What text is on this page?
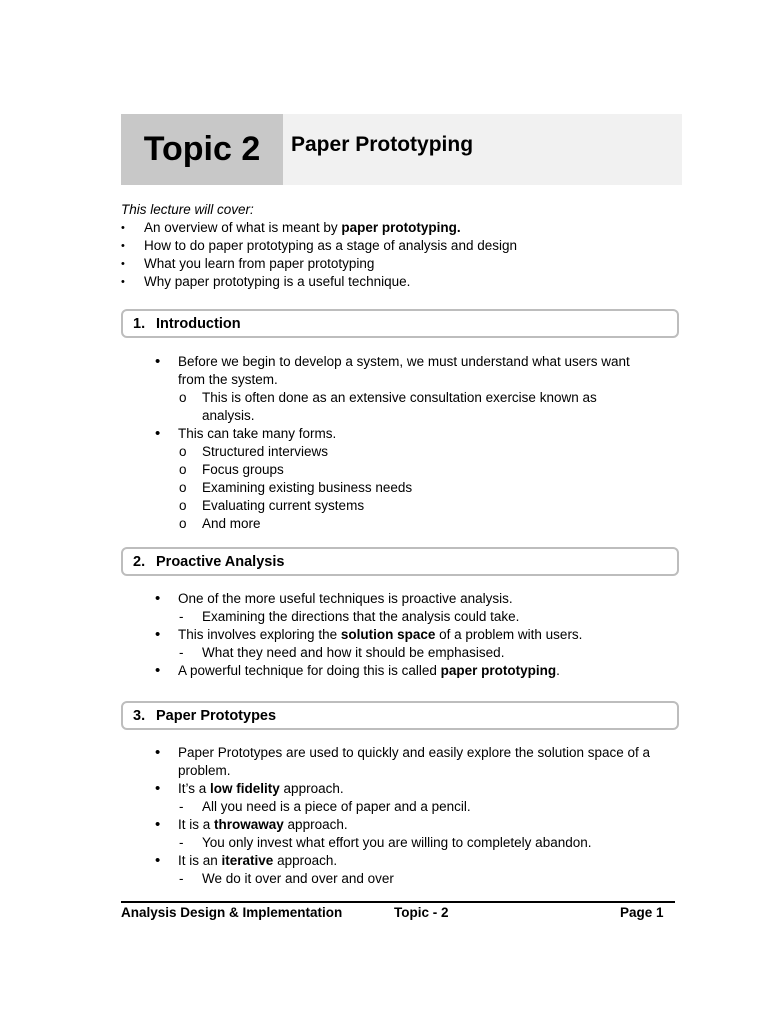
Topic 2	Paper Prototyping
This lecture will cover:
• An overview of what is meant by paper prototyping.
• How to do paper prototyping as a stage of analysis and design
• What you learn from paper prototyping
• Why paper prototyping is a useful technique.
1. Introduction
• Before we begin to develop a system, we must understand what users want
from the system.
o This is often done as an extensive consultation exercise known as
analysis.
• This can take many forms.
o Structured interviews
o Focus groups
o Examining existing business needs
o Evaluating current systems
o And more
2. Proactive Analysis
• One of the more useful techniques is proactive analysis.
- Examining the directions that the analysis could take.
• This involves exploring the solution space of a problem with users.
- What they need and how it should be emphasised.
• A powerful technique for doing this is called paper prototyping.
3. Paper Prototypes
• Paper Prototypes are used to quickly and easily explore the solution space of a
problem.
• It’s a low fidelity approach.
- All you need is a piece of paper and a pencil.
• It is a throwaway approach.
- You only invest what effort you are willing to completely abandon.
• It is an iterative approach.
- We do it over and over and over
Analysis Design & Implementation	Topic - 2	Page 1
